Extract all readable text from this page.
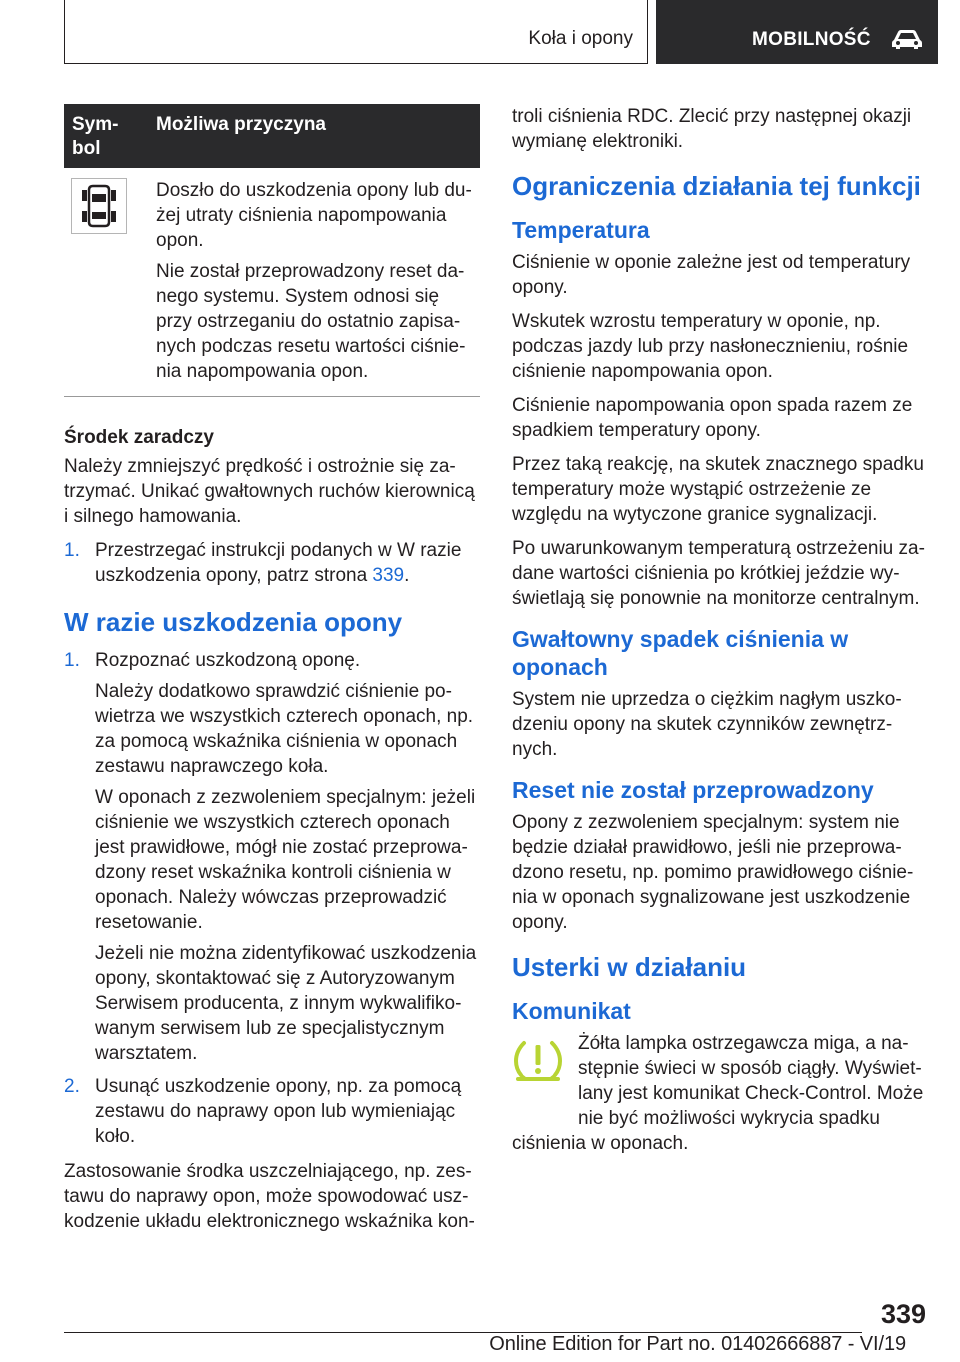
Koła i opony	MOBILNOŚĆ
Sym-
bol
Możliwa przyczyna

Doszło do uszkodzenia opony lub du-żej utraty ciśnienia napompowania opon.

Nie został przeprowadzony reset da-nego systemu. System odnosi się przy ostrzeganiu do ostatnio zapisa-nych podczas resetu wartości ciśnie-nia napompowania opon.

Środek zaradczy

Należy zmniejszyć prędkość i ostrożnie się za-trzymać. Unikać gwałtownych ruchów kierownicą i silnego hamowania.

1. Przestrzegać instrukcji podanych w W razie uszkodzenia opony, patrz strona 339.

W razie uszkodzenia opony
1. Rozpoznać uszkodzoną oponę.

Należy dodatkowo sprawdzić ciśnienie po-wietrza we wszystkich czterech oponach, np. za pomocą wskaźnika ciśnienia w oponach zestawu naprawczego koła.

W oponach z zezwoleniem specjalnym: jeżeli ciśnienie we wszystkich czterech oponach jest prawidłowe, mógł nie zostać przeprowa-dzony reset wskaźnika kontroli ciśnienia w oponach. Należy wówczas przeprowadzić resetowanie.

Jeżeli nie można zidentyfikować uszkodzenia opony, skontaktować się z Autoryzowanym Serwisem producenta, z innym wykwalifiko-wanym serwisem lub ze specjalistycznym warsztatem.

2. Usunąć uszkodzenie opony, np. za pomocą zestawu do naprawy opon lub wymieniając koło.

Zastosowanie środka uszczelniającego, np. zes-tawu do naprawy opon, może spowodować usz-kodzenie układu elektronicznego wskaźnika kon-

troli ciśnienia RDC. Zlecić przy następnej okazji wymianę elektroniki.

Ograniczenia działania tej funkcji
Temperatura

Ciśnienie w oponie zależne jest od temperatury opony.

Wskutek wzrostu temperatury w oponie, np. podczas jazdy lub przy nasłonecznieniu, rośnie ciśnienie napompowania opon.

Ciśnienie napompowania opon spada razem ze spadkiem temperatury opony.

Przez taką reakcję, na skutek znacznego spadku temperatury może wystąpić ostrzeżenie ze względu na wytyczone granice sygnalizacji.

Po uwarunkowanym temperaturą ostrzeżeniu za-dane wartości ciśnienia po krótkiej jeździe wy-świetlają się ponownie na monitorze centralnym.

Gwałtowny spadek ciśnienia w oponach

System nie uprzedza o ciężkim nagłym uszko-dzeniu opony na skutek czynników zewnętrz-nych.

Reset nie został przeprowadzony

Opony z zezwoleniem specjalnym: system nie będzie działał prawidłowo, jeśli nie przeprowa-dzono resetu, np. pomimo prawidłowego ciśnie-nia w oponach sygnalizowane jest uszkodzenie opony.

Usterki w działaniu
Komunikat

Żółta lampka ostrzegawcza miga, a na-stępnie świeci w sposób ciągły. Wyświet-lany jest komunikat Check-Control. Może nie być możliwości wykrycia spadku ciśnienia w oponach.

339
Online Edition for Part no. 01402666887 - VI/19
